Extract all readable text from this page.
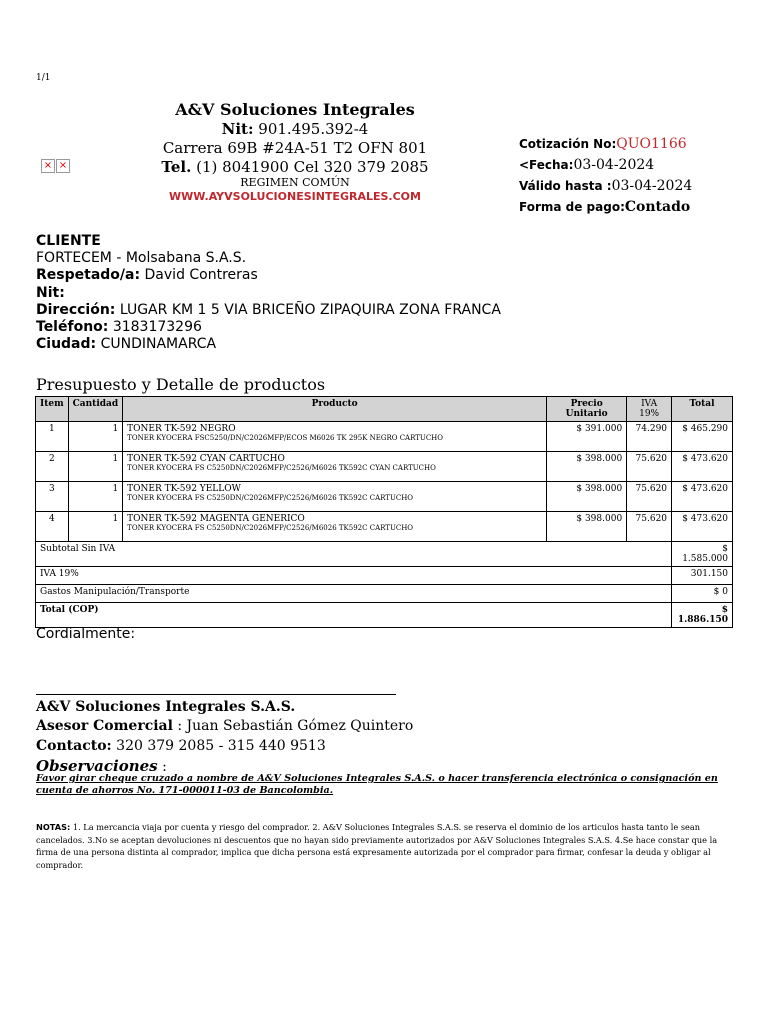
1/1
A&V Soluciones Integrales
Nit: 901.495.392-4
Carrera 69B #24A-51 T2 OFN 801
Tel. (1) 8041900 Cel 320 379 2085
REGIMEN COMÚN
WWW.AYVSOLUCIONESINTEGRALES.COM
× ×
Cotización No:QUO1166
<Fecha:03-04-2024
Válido hasta :03-04-2024
Forma de pago:Contado
CLIENTE
FORTECEM - Molsabana S.A.S.
Respetado/a: David Contreras
Nit:
Dirección: LUGAR KM 1 5 VIA BRICEÑO ZIPAQUIRA ZONA FRANCA
Teléfono: 3183173296
Ciudad: CUNDINAMARCA
Presupuesto y Detalle de productos
Item	Cantidad	Producto	Precio Unitario	IVA 19%	Total
1	1	TONER TK-592 NEGRO
TONER KYOCERA FSC5250/DN/C2026MFP/ECOS M6026 TK 295K NEGRO CARTUCHO	$ 391.000	74.290	$ 465.290
2	1	TONER TK-592 CYAN CARTUCHO
TONER KYOCERA FS C5250DN/C2026MFP/C2526/M6026 TK592C CYAN CARTUCHO	$ 398.000	75.620	$ 473.620
3	1	TONER TK-592 YELLOW
TONER KYOCERA FS C5250DN/C2026MFP/C2526/M6026 TK592C CARTUCHO	$ 398.000	75.620	$ 473.620
4	1	TONER TK-592 MAGENTA GENERICO
TONER KYOCERA FS C5250DN/C2026MFP/C2526/M6026 TK592C CARTUCHO	$ 398.000	75.620	$ 473.620
Subtotal Sin IVA					$ 1.585.000
IVA 19%					301.150
Gastos Manipulación/Transporte					$ 0
Total (COP)					$ 1.886.150
Cordialmente:
A&V Soluciones Integrales S.A.S.
Asesor Comercial : Juan Sebastián Gómez Quintero
Contacto: 320 379 2085 - 315 440 9513
Observaciones :
Favor girar cheque cruzado a nombre de A&V Soluciones Integrales S.A.S. o hacer transferencia electrónica o consignación en cuenta de ahorros No. 171-000011-03 de Bancolombia.
NOTAS: 1. La mercancia viaja por cuenta y riesgo del comprador. 2. A&V Soluciones Integrales S.A.S. se reserva el dominio de los articulos hasta tanto le sean cancelados. 3.No se aceptan devoluciones ni descuentos que no hayan sido previamente autorizados por A&V Soluciones Integrales S.A.S. 4.Se hace constar que la firma de una persona distinta al comprador, implica que dicha persona está expresamente autorizada por el comprador para firmar, confesar la deuda y obligar al comprador.
